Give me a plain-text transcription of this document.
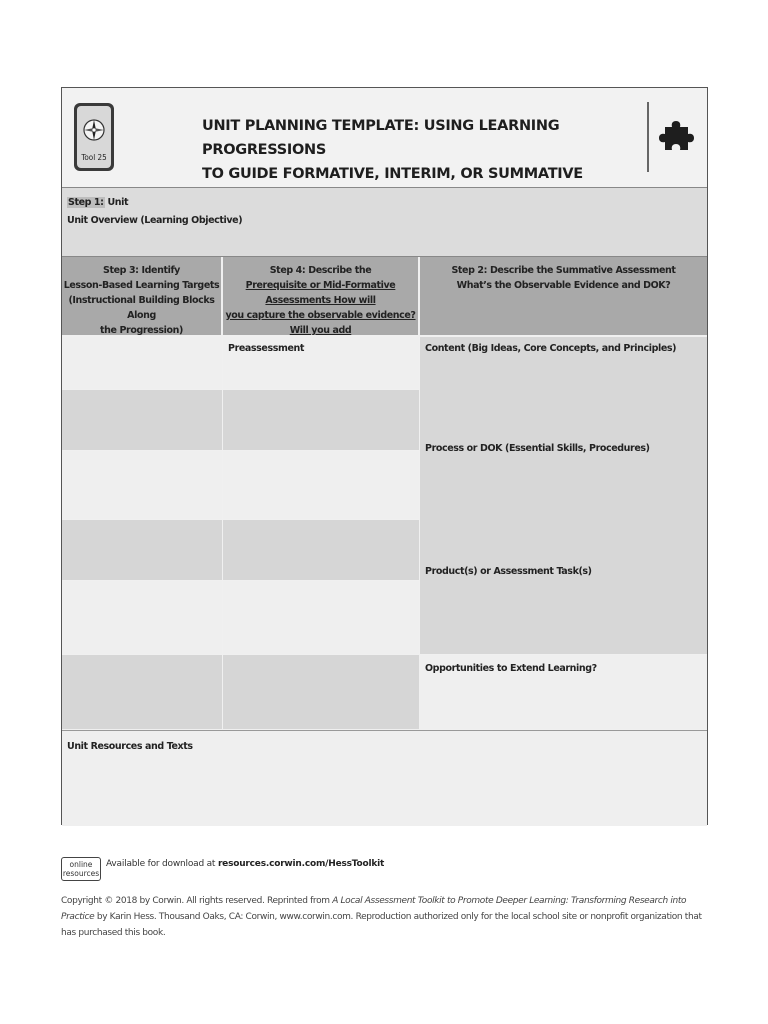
Tool 25
UNIT PLANNING TEMPLATE: USING LEARNING PROGRESSIONS
TO GUIDE FORMATIVE, INTERIM, OR SUMMATIVE
Step 1: Unit
Unit Overview (Learning Objective)
Step 3: Identify
Lesson-Based Learning Targets
(Instructional Building Blocks Along
the Progression)
Step 4: Describe the
Prerequisite or Mid-Formative Assessments How will
you capture the observable evidence? Will you add
Step 2: Describe the Summative Assessment
What’s the Observable Evidence and DOK?
Preassessment	Content (Big Ideas, Core Concepts, and Principles)
Process or DOK (Essential Skills, Procedures)
Product(s) or Assessment Task(s)
Opportunities to Extend Learning?
Unit Resources and Texts
online
resources
Available for download at resources.corwin.com/HessToolkit
Copyright © 2018 by Corwin. All rights reserved. Reprinted from A Local Assessment Toolkit to Promote Deeper Learning: Transforming Research into Practice by Karin Hess. Thousand Oaks, CA: Corwin, www.corwin.com. Reproduction authorized only for the local school site or nonprofit organization that has purchased this book.
